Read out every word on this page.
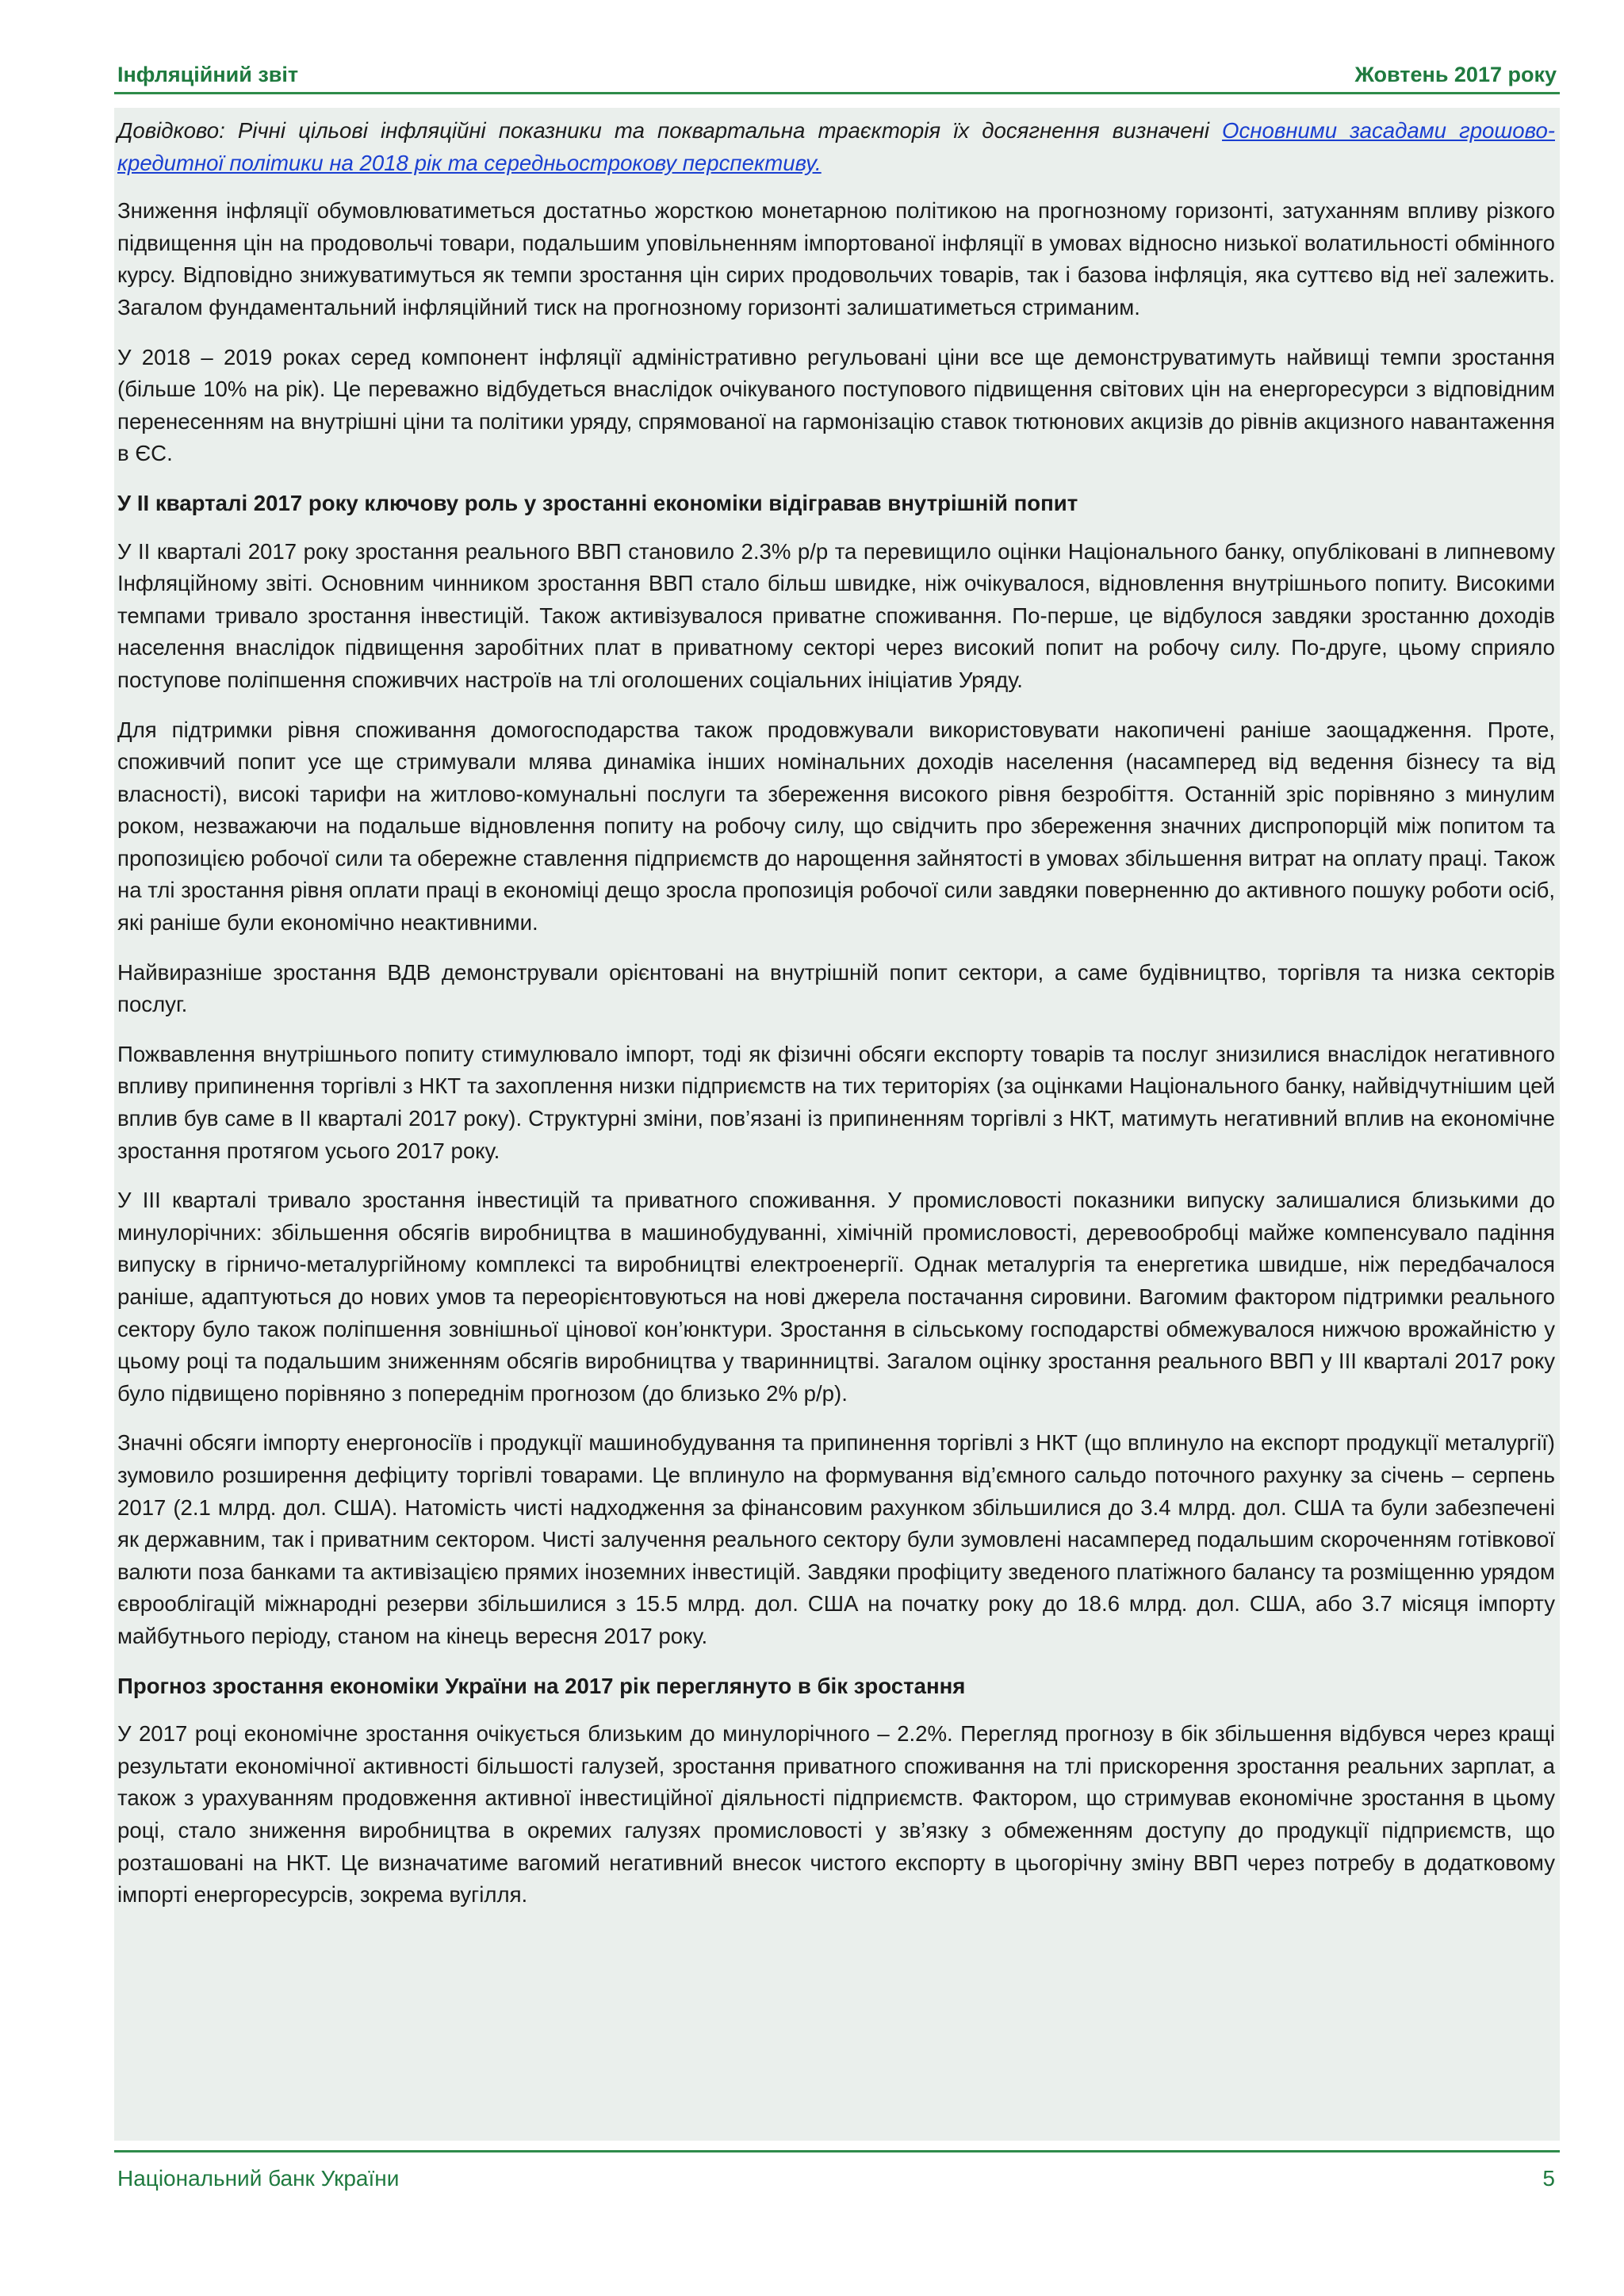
Інфляційний звіт	Жовтень 2017 року

Довідково: Річні цільові інфляційні показники та поквартальна траєкторія їх досягнення визначені Основними засадами грошово-кредитної політики на 2018 рік та середньострокову перспективу.

Зниження інфляції обумовлюватиметься достатньо жорсткою монетарною політикою на прогнозному горизонті, затуханням впливу різкого підвищення цін на продовольчі товари, подальшим уповільненням імпортованої інфляції в умовах відносно низької волатильності обмінного курсу. Відповідно знижуватимуться як темпи зростання цін сирих продовольчих товарів, так і базова інфляція, яка суттєво від неї залежить. Загалом фундаментальний інфляційний тиск на прогнозному горизонті залишатиметься стриманим.

У 2018 – 2019 роках серед компонент інфляції адміністративно регульовані ціни все ще демонструватимуть найвищі темпи зростання (більше 10% на рік). Це переважно відбудеться внаслідок очікуваного поступового підвищення світових цін на енергоресурси з відповідним перенесенням на внутрішні ціни та політики уряду, спрямованої на гармонізацію ставок тютюнових акцизів до рівнів акцизного навантаження в ЄС.

У ІІ кварталі 2017 року ключову роль у зростанні економіки відігравав внутрішній попит

У ІІ кварталі 2017 року зростання реального ВВП становило 2.3% р/р та перевищило оцінки Національного банку, опубліковані в липневому Інфляційному звіті. Основним чинником зростання ВВП стало більш швидке, ніж очікувалося, відновлення внутрішнього попиту. Високими темпами тривало зростання інвестицій. Також активізувалося приватне споживання. По-перше, це відбулося завдяки зростанню доходів населення внаслідок підвищення заробітних плат в приватному секторі через високий попит на робочу силу. По-друге, цьому сприяло поступове поліпшення споживчих настроїв на тлі оголошених соціальних ініціатив Уряду.

Для підтримки рівня споживання домогосподарства також продовжували використовувати накопичені раніше заощадження. Проте, споживчий попит усе ще стримували млява динаміка інших номінальних доходів населення (насамперед від ведення бізнесу та від власності), високі тарифи на житлово-комунальні послуги та збереження високого рівня безробіття. Останній зріс порівняно з минулим роком, незважаючи на подальше відновлення попиту на робочу силу, що свідчить про збереження значних диспропорцій між попитом та пропозицією робочої сили та обережне ставлення підприємств до нарощення зайнятості в умовах збільшення витрат на оплату праці. Також на тлі зростання рівня оплати праці в економіці дещо зросла пропозиція робочої сили завдяки поверненню до активного пошуку роботи осіб, які раніше були економічно неактивними.

Найвиразніше зростання ВДВ демонстрували орієнтовані на внутрішній попит сектори, а саме будівництво, торгівля та низка секторів послуг.

Пожвавлення внутрішнього попиту стимулювало імпорт, тоді як фізичні обсяги експорту товарів та послуг знизилися внаслідок негативного впливу припинення торгівлі з НКТ та захоплення низки підприємств на тих територіях (за оцінками Національного банку, найвідчутнішим цей вплив був саме в ІІ кварталі 2017 року). Структурні зміни, пов’язані із припиненням торгівлі з НКТ, матимуть негативний вплив на економічне зростання протягом усього 2017 року.

У ІІІ кварталі тривало зростання інвестицій та приватного споживання. У промисловості показники випуску залишалися близькими до минулорічних: збільшення обсягів виробництва в машинобудуванні, хімічній промисловості, деревообробці майже компенсувало падіння випуску в гірничо-металургійному комплексі та виробництві електроенергії. Однак металургія та енергетика швидше, ніж передбачалося раніше, адаптуються до нових умов та переорієнтовуються на нові джерела постачання сировини. Вагомим фактором підтримки реального сектору було також поліпшення зовнішньої цінової кон’юнктури. Зростання в сільському господарстві обмежувалося нижчою врожайністю у цьому році та подальшим зниженням обсягів виробництва у тваринництві. Загалом оцінку зростання реального ВВП у ІІІ кварталі 2017 року було підвищено порівняно з попереднім прогнозом (до близько 2% р/р).

Значні обсяги імпорту енергоносіїв і продукції машинобудування та припинення торгівлі з НКТ (що вплинуло на експорт продукції металургії) зумовило розширення дефіциту торгівлі товарами. Це вплинуло на формування від’ємного сальдо поточного рахунку за січень – серпень 2017 (2.1 млрд. дол. США). Натомість чисті надходження за фінансовим рахунком збільшилися до 3.4 млрд. дол. США та були забезпечені як державним, так і приватним сектором. Чисті залучення реального сектору були зумовлені насамперед подальшим скороченням готівкової валюти поза банками та активізацією прямих іноземних інвестицій. Завдяки профіциту зведеного платіжного балансу та розміщенню урядом єврооблігацій міжнародні резерви збільшилися з 15.5 млрд. дол. США на початку року до 18.6 млрд. дол. США, або 3.7 місяця імпорту майбутнього періоду, станом на кінець вересня 2017 року.

Прогноз зростання економіки України на 2017 рік переглянуто в бік зростання

У 2017 році економічне зростання очікується близьким до минулорічного – 2.2%. Перегляд прогнозу в бік збільшення відбувся через кращі результати економічної активності більшості галузей, зростання приватного споживання на тлі прискорення зростання реальних зарплат, а також з урахуванням продовження активної інвестиційної діяльності підприємств. Фактором, що стримував економічне зростання в цьому році, стало зниження виробництва в окремих галузях промисловості у зв’язку з обмеженням доступу до продукції підприємств, що розташовані на НКТ. Це визначатиме вагомий негативний внесок чистого експорту в цьогорічну зміну ВВП через потребу в додатковому імпорті енергоресурсів, зокрема вугілля.

Національний банк України	5
